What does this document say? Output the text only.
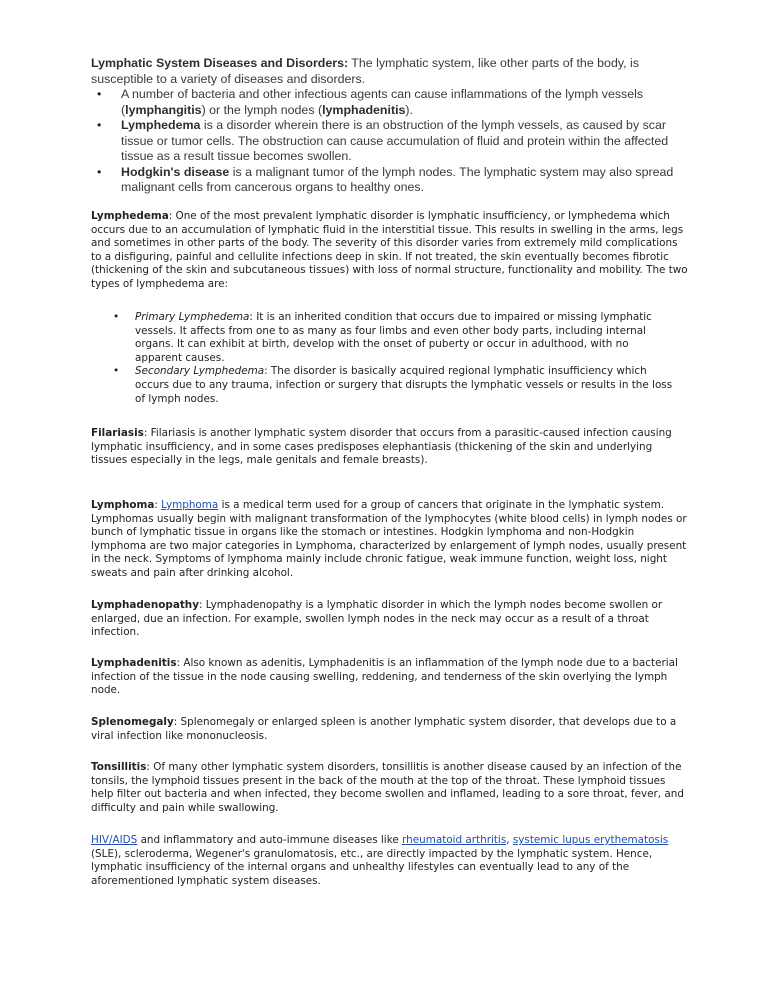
Lymphatic System Diseases and Disorders: The lymphatic system, like other parts of the body, is susceptible to a variety of diseases and disorders.

• A number of bacteria and other infectious agents can cause inflammations of the lymph vessels (lymphangitis) or the lymph nodes (lymphadenitis).
• Lymphedema is a disorder wherein there is an obstruction of the lymph vessels, as caused by scar tissue or tumor cells. The obstruction can cause accumulation of fluid and protein within the affected tissue as a result tissue becomes swollen.
• Hodgkin's disease is a malignant tumor of the lymph nodes. The lymphatic system may also spread malignant cells from cancerous organs to healthy ones.

Lymphedema: One of the most prevalent lymphatic disorder is lymphatic insufficiency, or lymphedema which occurs due to an accumulation of lymphatic fluid in the interstitial tissue. This results in swelling in the arms, legs and sometimes in other parts of the body. The severity of this disorder varies from extremely mild complications to a disfiguring, painful and cellulite infections deep in skin. If not treated, the skin eventually becomes fibrotic (thickening of the skin and subcutaneous tissues) with loss of normal structure, functionality and mobility. The two types of lymphedema are:

• Primary Lymphedema: It is an inherited condition that occurs due to impaired or missing lymphatic vessels. It affects from one to as many as four limbs and even other body parts, including internal organs. It can exhibit at birth, develop with the onset of puberty or occur in adulthood, with no apparent causes.
• Secondary Lymphedema: The disorder is basically acquired regional lymphatic insufficiency which occurs due to any trauma, infection or surgery that disrupts the lymphatic vessels or results in the loss of lymph nodes.

Filariasis: Filariasis is another lymphatic system disorder that occurs from a parasitic-caused infection causing lymphatic insufficiency, and in some cases predisposes elephantiasis (thickening of the skin and underlying tissues especially in the legs, male genitals and female breasts).

Lymphoma: Lymphoma is a medical term used for a group of cancers that originate in the lymphatic system. Lymphomas usually begin with malignant transformation of the lymphocytes (white blood cells) in lymph nodes or bunch of lymphatic tissue in organs like the stomach or intestines. Hodgkin lymphoma and non-Hodgkin lymphoma are two major categories in Lymphoma, characterized by enlargement of lymph nodes, usually present in the neck. Symptoms of lymphoma mainly include chronic fatigue, weak immune function, weight loss, night sweats and pain after drinking alcohol.

Lymphadenopathy: Lymphadenopathy is a lymphatic disorder in which the lymph nodes become swollen or enlarged, due an infection. For example, swollen lymph nodes in the neck may occur as a result of a throat infection.

Lymphadenitis: Also known as adenitis, Lymphadenitis is an inflammation of the lymph node due to a bacterial infection of the tissue in the node causing swelling, reddening, and tenderness of the skin overlying the lymph node.

Splenomegaly: Splenomegaly or enlarged spleen is another lymphatic system disorder, that develops due to a viral infection like mononucleosis.

Tonsillitis: Of many other lymphatic system disorders, tonsillitis is another disease caused by an infection of the tonsils, the lymphoid tissues present in the back of the mouth at the top of the throat. These lymphoid tissues help filter out bacteria and when infected, they become swollen and inflamed, leading to a sore throat, fever, and difficulty and pain while swallowing.

HIV/AIDS and inflammatory and auto-immune diseases like rheumatoid arthritis, systemic lupus erythematosis (SLE), scleroderma, Wegener's granulomatosis, etc., are directly impacted by the lymphatic system. Hence, lymphatic insufficiency of the internal organs and unhealthy lifestyles can eventually lead to any of the aforementioned lymphatic system diseases.
